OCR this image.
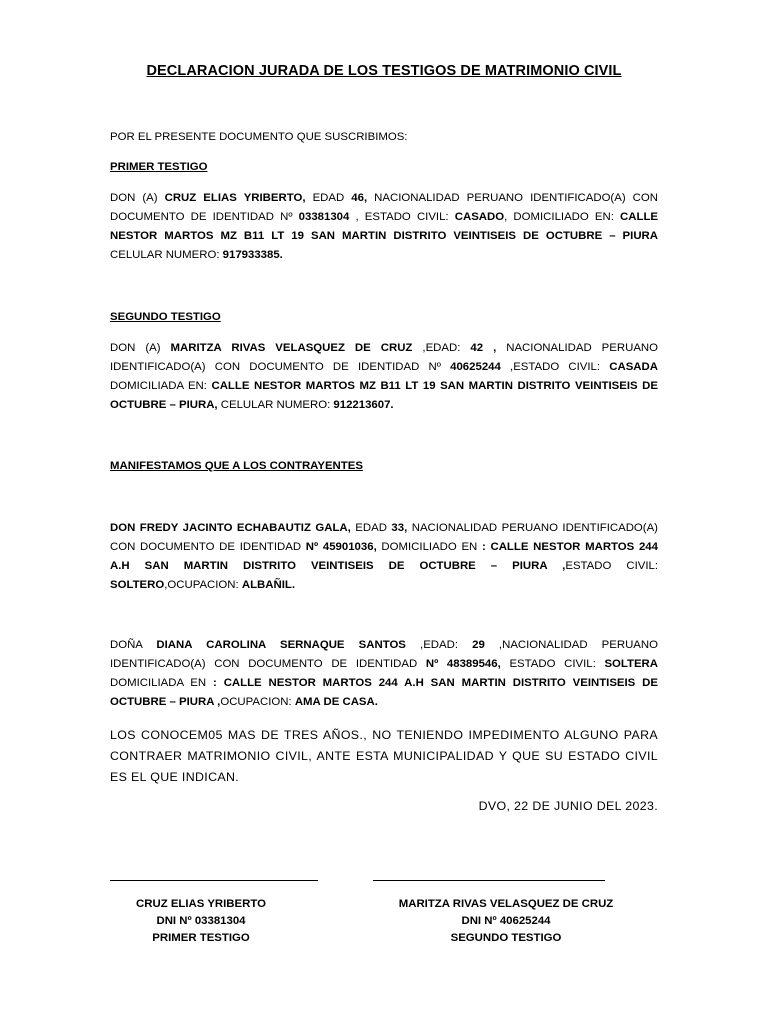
DECLARACION JURADA DE LOS TESTIGOS DE MATRIMONIO CIVIL
POR EL PRESENTE DOCUMENTO QUE SUSCRIBIMOS:
PRIMER TESTIGO
DON (A) CRUZ ELIAS YRIBERTO, EDAD 46, NACIONALIDAD PERUANO IDENTIFICADO(A) CON DOCUMENTO DE IDENTIDAD Nº 03381304 , ESTADO CIVIL: CASADO, DOMICILIADO EN: CALLE NESTOR MARTOS MZ B11 LT 19 SAN MARTIN DISTRITO VEINTISEIS DE OCTUBRE – PIURA CELULAR NUMERO: 917933385.
SEGUNDO TESTIGO
DON (A) MARITZA RIVAS VELASQUEZ DE CRUZ ,EDAD: 42 , NACIONALIDAD PERUANO IDENTIFICADO(A) CON DOCUMENTO DE IDENTIDAD Nº 40625244 ,ESTADO CIVIL: CASADA DOMICILIADA EN: CALLE NESTOR MARTOS MZ B11 LT 19 SAN MARTIN DISTRITO VEINTISEIS DE OCTUBRE – PIURA, CELULAR NUMERO: 912213607.
MANIFESTAMOS QUE A LOS CONTRAYENTES
DON FREDY JACINTO ECHABAUTIZ GALA, EDAD 33, NACIONALIDAD PERUANO IDENTIFICADO(A) CON DOCUMENTO DE IDENTIDAD Nº 45901036, DOMICILIADO EN : CALLE NESTOR MARTOS 244 A.H SAN MARTIN DISTRITO VEINTISEIS DE OCTUBRE – PIURA ,ESTADO CIVIL: SOLTERO,OCUPACION: ALBAÑIL.
DOÑA DIANA CAROLINA SERNAQUE SANTOS ,EDAD: 29 ,NACIONALIDAD PERUANO IDENTIFICADO(A) CON DOCUMENTO DE IDENTIDAD Nº 48389546, ESTADO CIVIL: SOLTERA DOMICILIADA EN : CALLE NESTOR MARTOS 244 A.H SAN MARTIN DISTRITO VEINTISEIS DE OCTUBRE – PIURA ,OCUPACION: AMA DE CASA.
LOS CONOCEM05 MAS DE TRES AÑOS., NO TENIENDO IMPEDIMENTO ALGUNO PARA CONTRAER MATRIMONIO CIVIL, ANTE ESTA MUNICIPALIDAD Y QUE SU ESTADO CIVIL ES EL QUE INDICAN.
DVO, 22 DE JUNIO DEL 2023.
CRUZ ELIAS YRIBERTO
DNI Nº 03381304
PRIMER TESTIGO
MARITZA RIVAS VELASQUEZ DE CRUZ
DNI Nº 40625244
SEGUNDO TESTIGO
